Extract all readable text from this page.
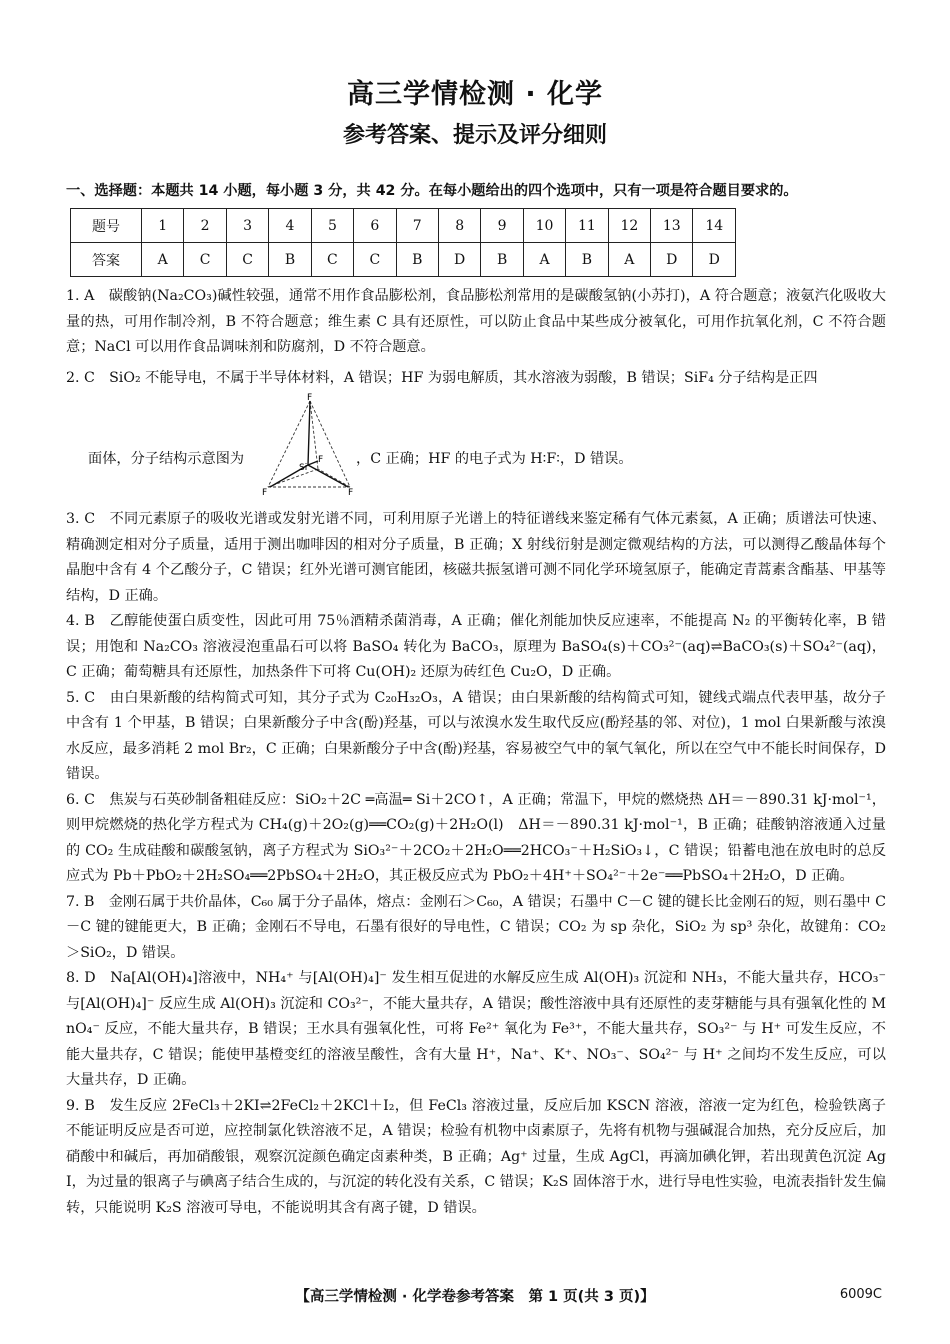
高三学情检测 · 化学
参考答案、提示及评分细则
一、选择题：本题共 14 小题，每小题 3 分，共 42 分。在每小题给出的四个选项中，只有一项是符合题目要求的。
题号	1	2	3	4	5	6	7	8	9	10	11	12	13	14
答案	A	C	C	B	C	C	B	D	B	A	B	A	D	D
1. A　碳酸钠(Na₂CO₃)碱性较强，通常不用作食品膨松剂，食品膨松剂常用的是碳酸氢钠(小苏打)，A 符合题意；液氨汽化吸收大量的热，可用作制冷剂，B 不符合题意；维生素 C 具有还原性，可以防止食品中某些成分被氧化，可用作抗氧化剂，C 不符合题意；NaCl 可以用作食品调味剂和防腐剂，D 不符合题意。
2. C　SiO₂ 不能导电，不属于半导体材料，A 错误；HF 为弱电解质，其水溶液为弱酸，B 错误；SiF₄ 分子结构是正四
面体，分子结构示意图为
F
F	F
Si
F ，C 正确；HF 的电子式为 H∶F∶，D 错误。
3. C　不同元素原子的吸收光谱或发射光谱不同，可利用原子光谱上的特征谱线来鉴定稀有气体元素氦，A 正确；质谱法可快速、精确测定相对分子质量，适用于测出咖啡因的相对分子质量，B 正确；X 射线衍射是测定微观结构的方法，可以测得乙酸晶体每个晶胞中含有 4 个乙酸分子，C 错误；红外光谱可测官能团，核磁共振氢谱可测不同化学环境氢原子，能确定青蒿素含酯基、甲基等结构，D 正确。
4. B　乙醇能使蛋白质变性，因此可用 75％酒精杀菌消毒，A 正确；催化剂能加快反应速率，不能提高 N₂ 的平衡转化率，B 错误；用饱和 Na₂CO₃ 溶液浸泡重晶石可以将 BaSO₄ 转化为 BaCO₃，原理为 BaSO₄(s)＋CO₃²⁻(aq)⇌BaCO₃(s)＋SO₄²⁻(aq)，C 正确；葡萄糖具有还原性，加热条件下可将 Cu(OH)₂ 还原为砖红色 Cu₂O，D 正确。
5. C　由白果新酸的结构简式可知，其分子式为 C₂₀H₃₂O₃，A 错误；由白果新酸的结构简式可知，键线式端点代表甲基，故分子中含有 1 个甲基，B 错误；白果新酸分子中含(酚)羟基，可以与浓溴水发生取代反应(酚羟基的邻、对位)，1 mol 白果新酸与浓溴水反应，最多消耗 2 mol Br₂，C 正确；白果新酸分子中含(酚)羟基，容易被空气中的氧气氧化，所以在空气中不能长时间保存，D 错误。
6. C　焦炭与石英砂制备粗硅反应：SiO₂＋2C ═高温═ Si＋2CO↑，A 正确；常温下，甲烷的燃烧热 ΔH＝－890.31 kJ·mol⁻¹，则甲烷燃烧的热化学方程式为 CH₄(g)＋2O₂(g)══CO₂(g)＋2H₂O(l)　ΔH＝－890.31 kJ·mol⁻¹，B 正确；硅酸钠溶液通入过量的 CO₂ 生成硅酸和碳酸氢钠，离子方程式为 SiO₃²⁻＋2CO₂＋2H₂O══2HCO₃⁻＋H₂SiO₃↓，C 错误；铅蓄电池在放电时的总反应式为 Pb＋PbO₂＋2H₂SO₄══2PbSO₄＋2H₂O，其正极反应式为 PbO₂＋4H⁺＋SO₄²⁻＋2e⁻══PbSO₄＋2H₂O，D 正确。
7. B　金刚石属于共价晶体，C₆₀ 属于分子晶体，熔点：金刚石＞C₆₀，A 错误；石墨中 C－C 键的键长比金刚石的短，则石墨中 C－C 键的键能更大，B 正确；金刚石不导电，石墨有很好的导电性，C 错误；CO₂ 为 sp 杂化，SiO₂ 为 sp³ 杂化，故键角：CO₂＞SiO₂，D 错误。
8. D　Na[Al(OH)₄]溶液中，NH₄⁺ 与[Al(OH)₄]⁻ 发生相互促进的水解反应生成 Al(OH)₃ 沉淀和 NH₃，不能大量共存，HCO₃⁻ 与[Al(OH)₄]⁻ 反应生成 Al(OH)₃ 沉淀和 CO₃²⁻，不能大量共存，A 错误；酸性溶液中具有还原性的麦芽糖能与具有强氧化性的 MnO₄⁻ 反应，不能大量共存，B 错误；王水具有强氧化性，可将 Fe²⁺ 氧化为 Fe³⁺，不能大量共存，SO₃²⁻ 与 H⁺ 可发生反应，不能大量共存，C 错误；能使甲基橙变红的溶液呈酸性，含有大量 H⁺，Na⁺、K⁺、NO₃⁻、SO₄²⁻ 与 H⁺ 之间均不发生反应，可以大量共存，D 正确。
9. B　发生反应 2FeCl₃＋2KI⇌2FeCl₂＋2KCl＋I₂，但 FeCl₃ 溶液过量，反应后加 KSCN 溶液，溶液一定为红色，检验铁离子不能证明反应是否可逆，应控制氯化铁溶液不足，A 错误；检验有机物中卤素原子，先将有机物与强碱混合加热，充分反应后，加硝酸中和碱后，再加硝酸银，观察沉淀颜色确定卤素种类，B 正确；Ag⁺ 过量，生成 AgCl，再滴加碘化钾，若出现黄色沉淀 AgI，为过量的银离子与碘离子结合生成的，与沉淀的转化没有关系，C 错误；K₂S 固体溶于水，进行导电性实验，电流表指针发生偏转，只能说明 K₂S 溶液可导电，不能说明其含有离子键，D 错误。
【高三学情检测 · 化学卷参考答案　第 1 页(共 3 页)】	6009C
